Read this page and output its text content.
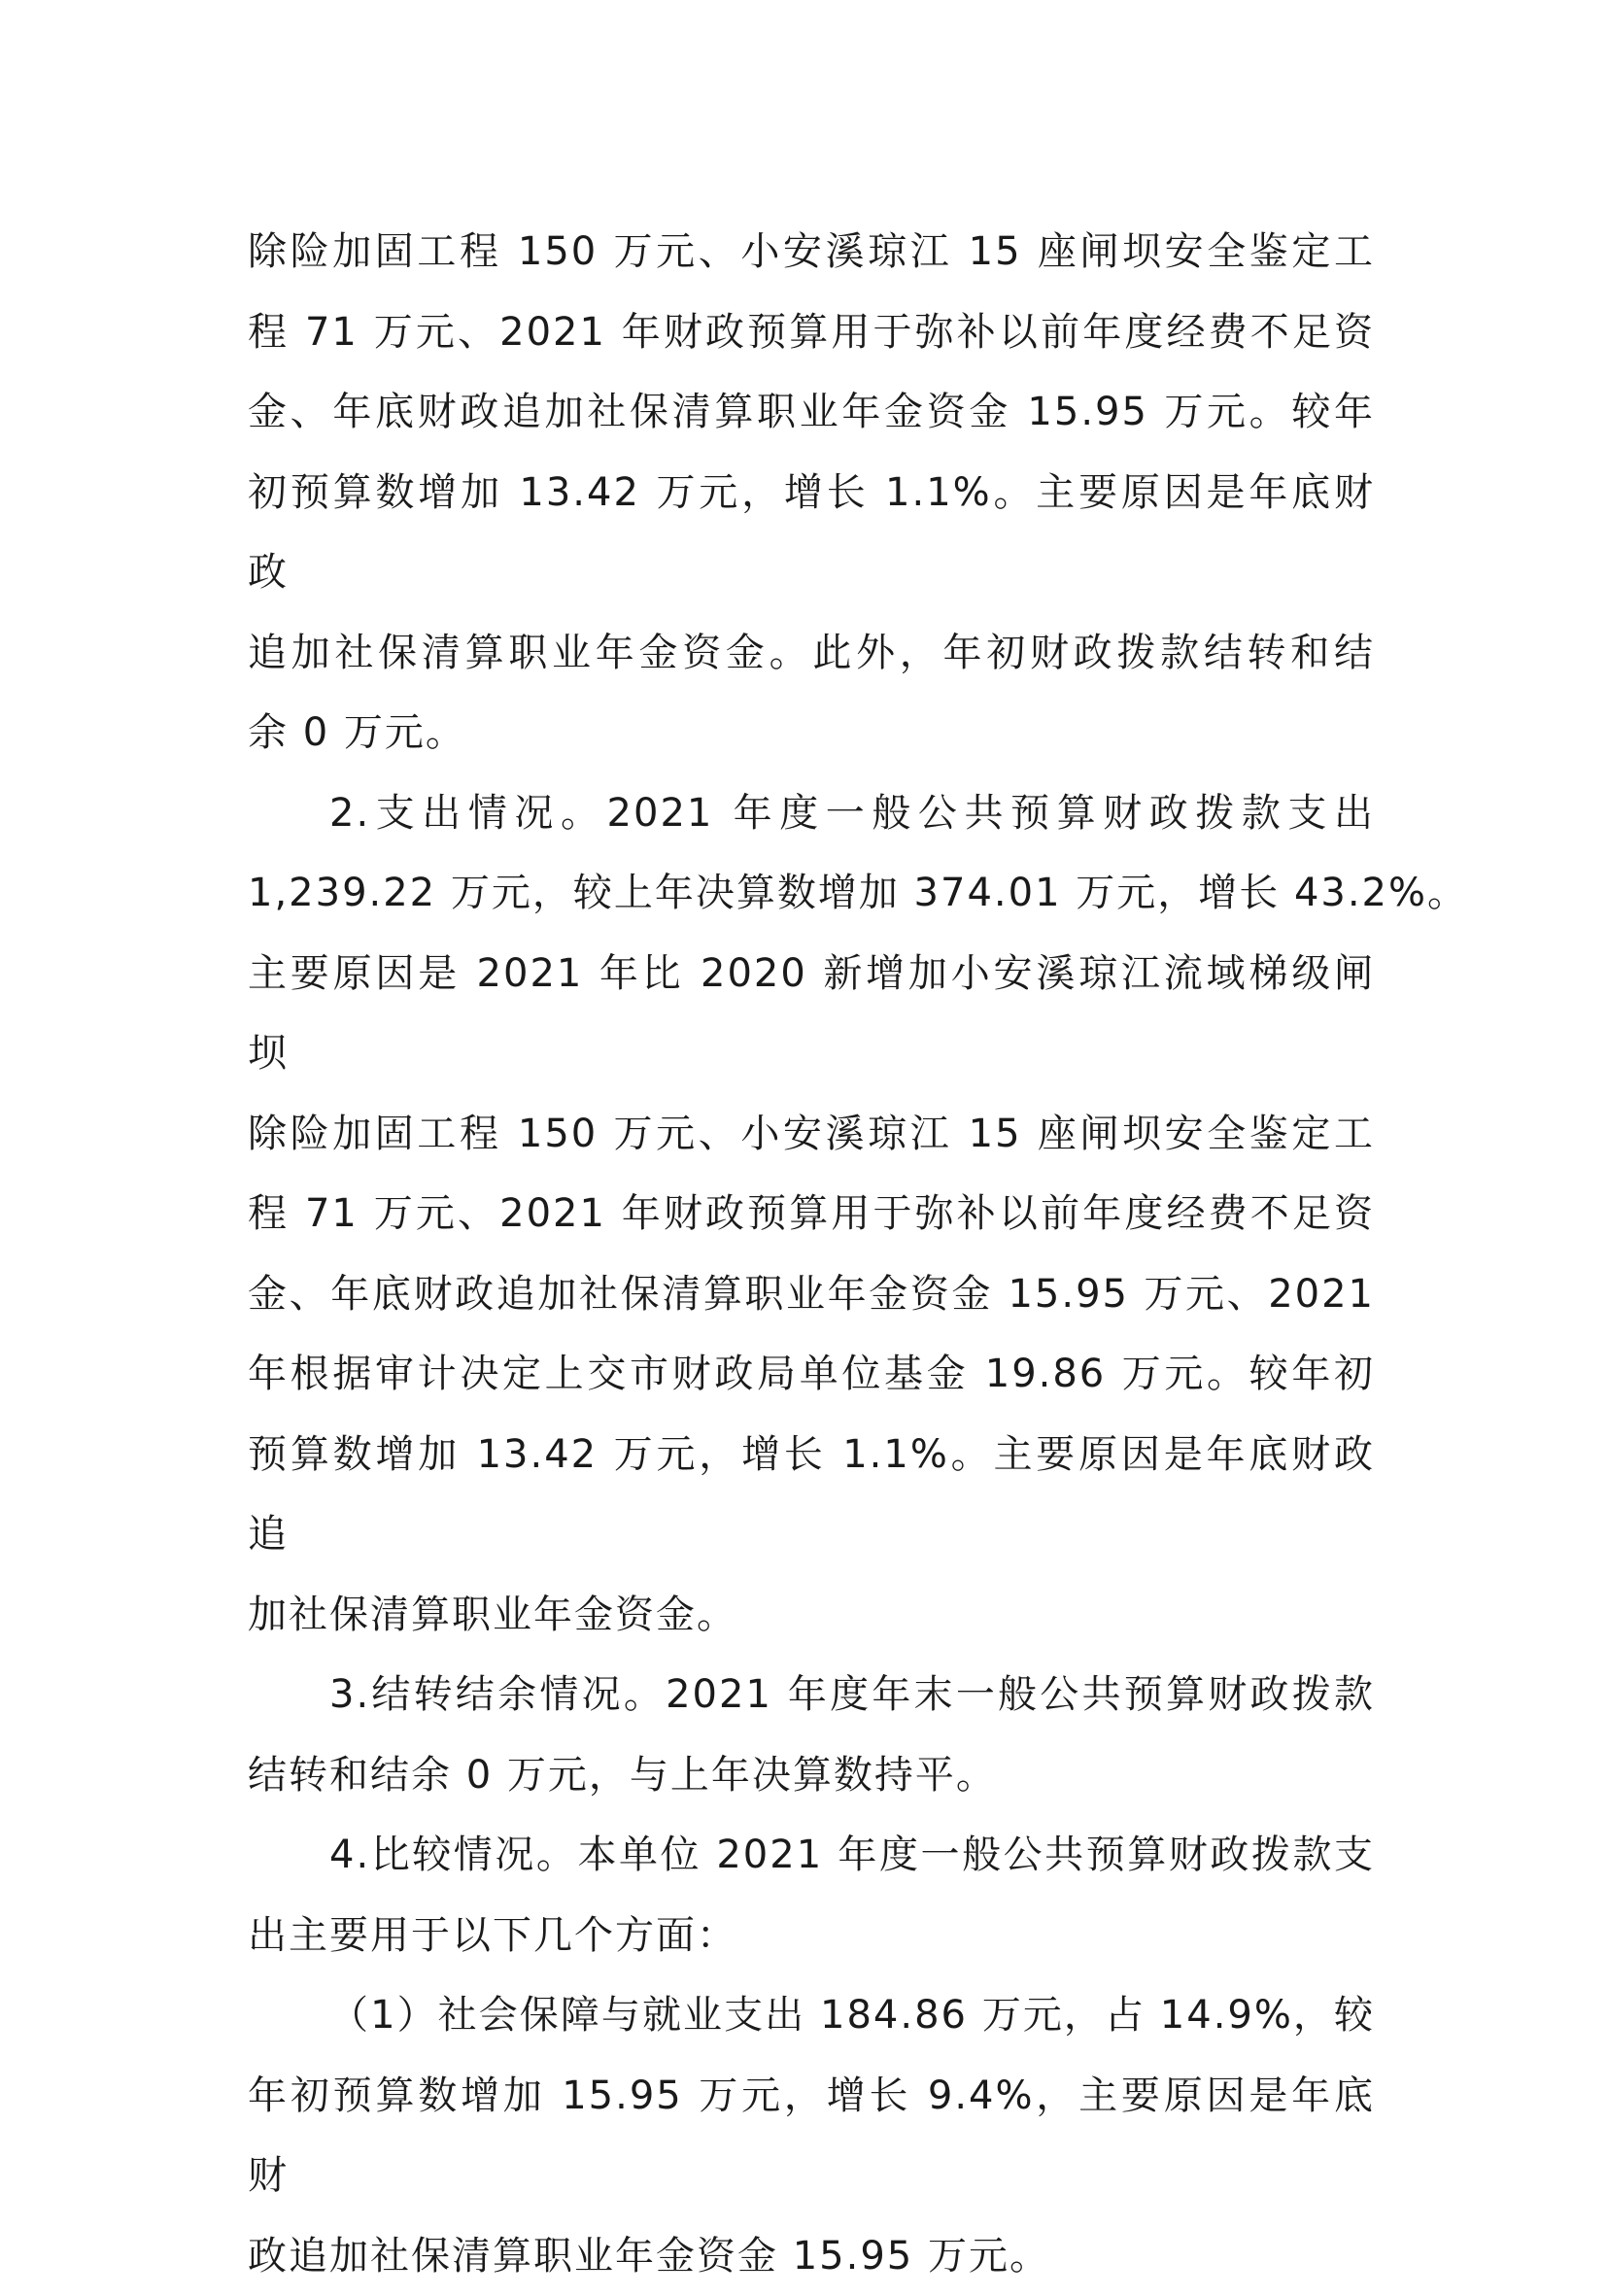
除险加固工程 150 万元、小安溪琼江 15 座闸坝安全鉴定工
程 71 万元、2021 年财政预算用于弥补以前年度经费不足资
金、年底财政追加社保清算职业年金资金 15.95 万元。较年
初预算数增加 13.42 万元，增长 1.1%。主要原因是年底财政
追加社保清算职业年金资金。此外，年初财政拨款结转和结
余 0 万元。
2.支出情况。2021 年度一般公共预算财政拨款支出
1,239.22 万元，较上年决算数增加 374.01 万元，增长 43.2%。
主要原因是 2021 年比 2020 新增加小安溪琼江流域梯级闸坝
除险加固工程 150 万元、小安溪琼江 15 座闸坝安全鉴定工
程 71 万元、2021 年财政预算用于弥补以前年度经费不足资
金、年底财政追加社保清算职业年金资金 15.95 万元、2021
年根据审计决定上交市财政局单位基金 19.86 万元。较年初
预算数增加 13.42 万元，增长 1.1%。主要原因是年底财政追
加社保清算职业年金资金。
3.结转结余情况。2021 年度年末一般公共预算财政拨款
结转和结余 0 万元，与上年决算数持平。
4.比较情况。本单位 2021 年度一般公共预算财政拨款支
出主要用于以下几个方面：
（1）社会保障与就业支出 184.86 万元，占 14.9%，较
年初预算数增加 15.95 万元，增长 9.4%，主要原因是年底财
政追加社保清算职业年金资金 15.95 万元。
